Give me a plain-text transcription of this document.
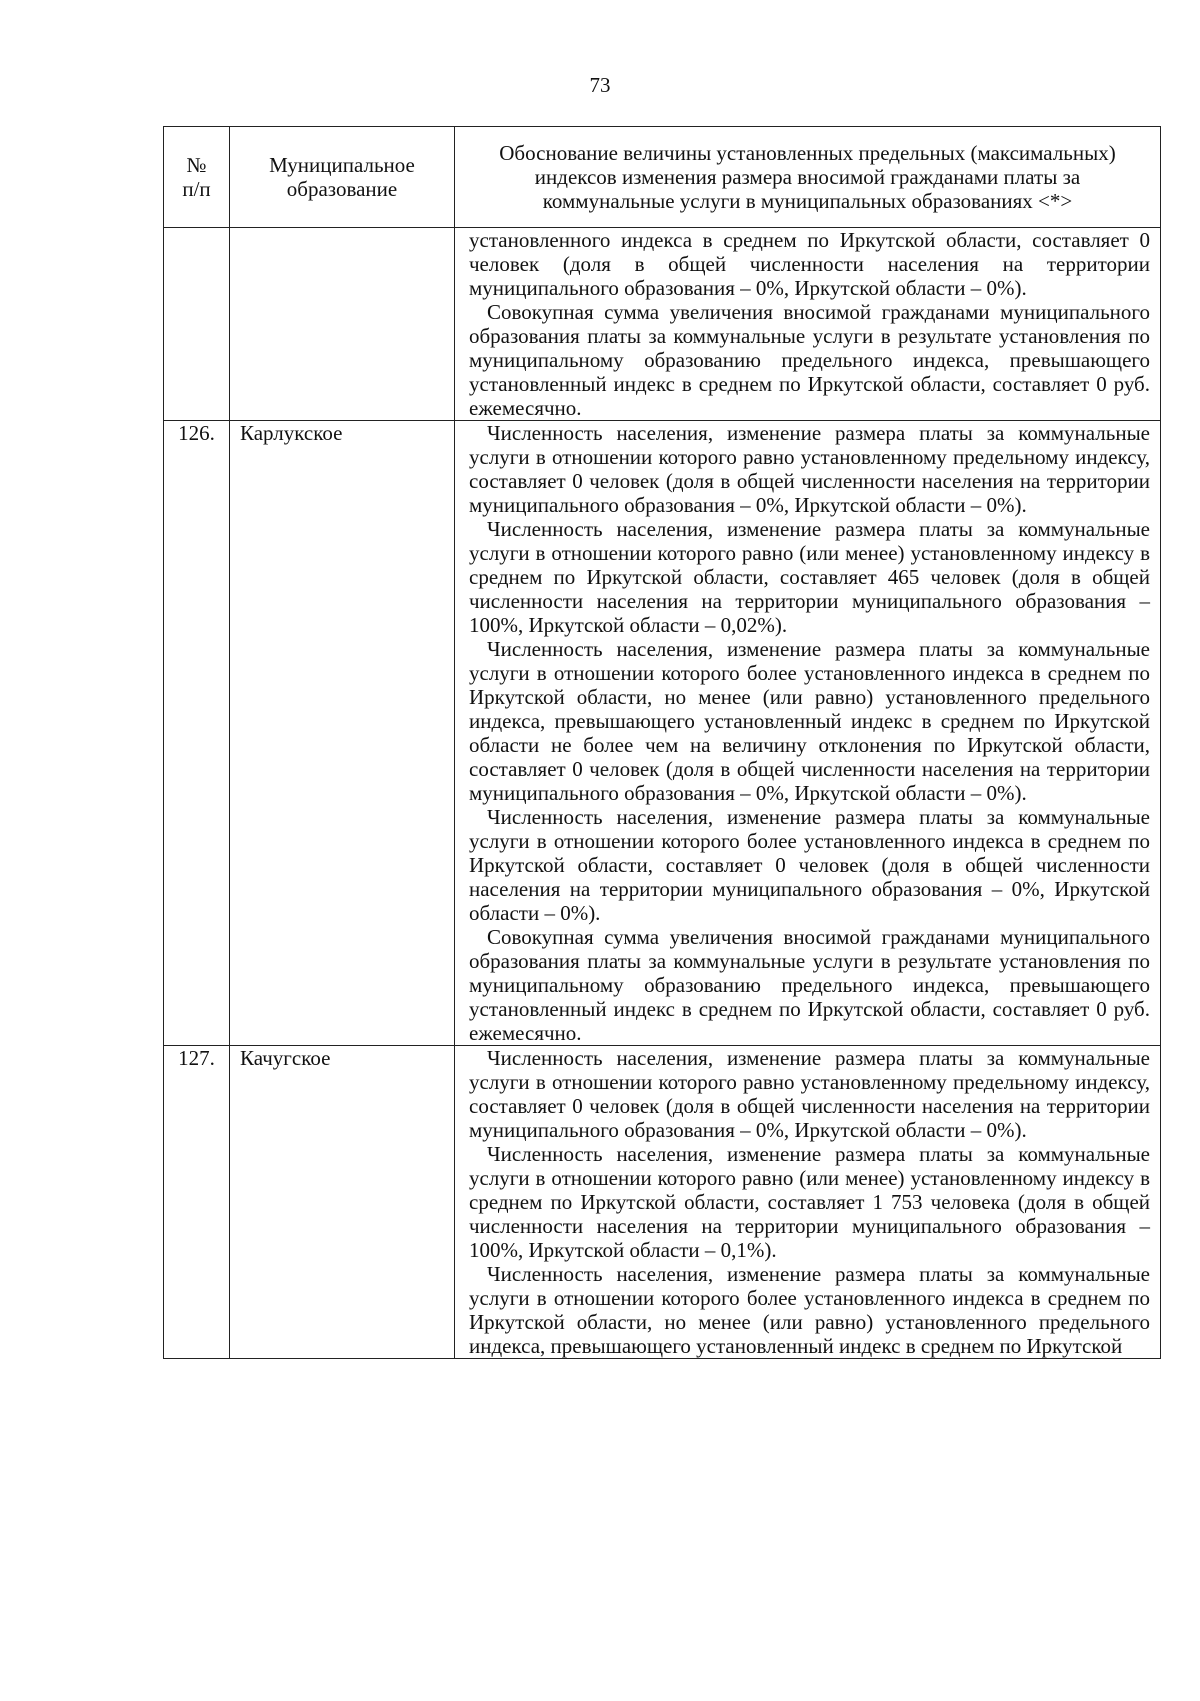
73
№ п/п	Муниципальное образование	Обоснование величины установленных предельных (максимальных) индексов изменения размера вносимой гражданами платы за коммунальные услуги в муниципальных образованиях <*>

		установленного индекса в среднем по Иркутской области, составляет 0 человек (доля в общей численности населения на территории муниципального образования – 0%, Иркутской области – 0%).

Совокупная сумма увеличения вносимой гражданами муниципального образования платы за коммунальные услуги в результате установления по муниципальному образованию предельного индекса, превышающего установленный индекс в среднем по Иркутской области, составляет 0 руб. ежемесячно.

126.	Карлукское	Численность населения, изменение размера платы за коммунальные услуги в отношении которого равно установленному предельному индексу, составляет 0 человек (доля в общей численности населения на территории муниципального образования – 0%, Иркутской области – 0%).

Численность населения, изменение размера платы за коммунальные услуги в отношении которого равно (или менее) установленному индексу в среднем по Иркутской области, составляет 465 человек (доля в общей численности населения на территории муниципального образования – 100%, Иркутской области – 0,02%).

Численность населения, изменение размера платы за коммунальные услуги в отношении которого более установленного индекса в среднем по Иркутской области, но менее (или равно) установленного предельного индекса, превышающего установленный индекс в среднем по Иркутской области не более чем на величину отклонения по Иркутской области, составляет 0 человек (доля в общей численности населения на территории муниципального образования – 0%, Иркутской области – 0%).

Численность населения, изменение размера платы за коммунальные услуги в отношении которого более установленного индекса в среднем по Иркутской области, составляет 0 человек (доля в общей численности населения на территории муниципального образования – 0%, Иркутской области – 0%).

Совокупная сумма увеличения вносимой гражданами муниципального образования платы за коммунальные услуги в результате установления по муниципальному образованию предельного индекса, превышающего установленный индекс в среднем по Иркутской области, составляет 0 руб. ежемесячно.

127.	Качугское	Численность населения, изменение размера платы за коммунальные услуги в отношении которого равно установленному предельному индексу, составляет 0 человек (доля в общей численности населения на территории муниципального образования – 0%, Иркутской области – 0%).

Численность населения, изменение размера платы за коммунальные услуги в отношении которого равно (или менее) установленному индексу в среднем по Иркутской области, составляет 1 753 человека (доля в общей численности населения на территории муниципального образования – 100%, Иркутской области – 0,1%).

Численность населения, изменение размера платы за коммунальные услуги в отношении которого более установленного индекса в среднем по Иркутской области, но менее (или равно) установленного предельного индекса, превышающего установленный индекс в среднем по Иркутской
